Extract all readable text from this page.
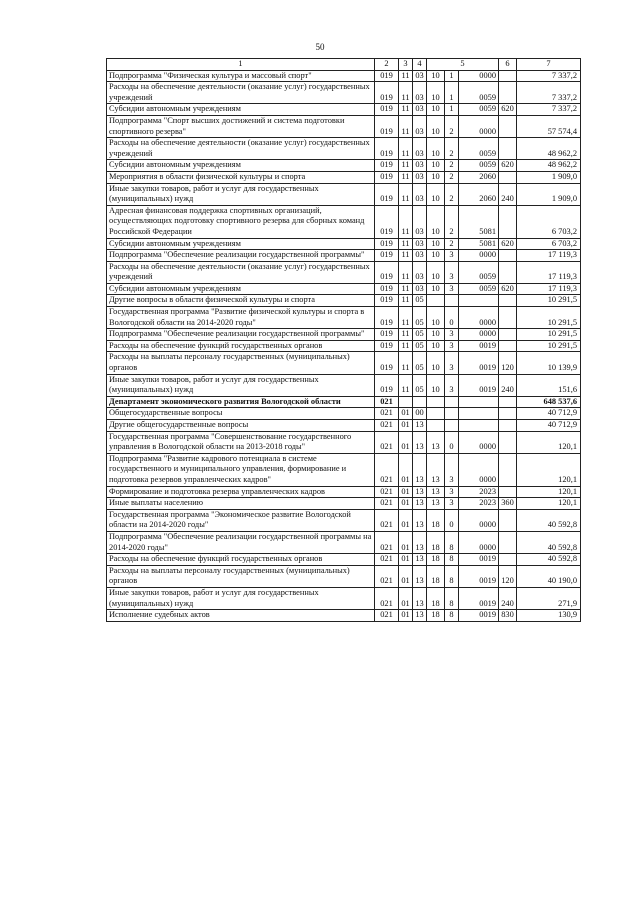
50
1	2	3	4	5			6	7
Подпрограмма "Физическая культура и массовый спорт"	019	11	03	10	1	0000		7 337,2
Расходы на обеспечение деятельности (оказание услуг) государственных учреждений	019	11	03	10	1	0059		7 337,2
Субсидии автономным учреждениям	019	11	03	10	1	0059	620	7 337,2
Подпрограмма "Спорт высших достижений и система подготовки спортивного резерва"	019	11	03	10	2	0000		57 574,4
Расходы на обеспечение деятельности (оказание услуг) государственных учреждений	019	11	03	10	2	0059		48 962,2
Субсидии автономным учреждениям	019	11	03	10	2	0059	620	48 962,2
Мероприятия в области физической культуры и спорта	019	11	03	10	2	2060		1 909,0
Иные закупки товаров, работ и услуг для государственных (муниципальных) нужд	019	11	03	10	2	2060	240	1 909,0
Адресная финансовая поддержка спортивных организаций, осуществляющих подготовку спортивного резерва для сборных команд Российской Федерации	019	11	03	10	2	5081		6 703,2
Субсидии автономным учреждениям	019	11	03	10	2	5081	620	6 703,2
Подпрограмма "Обеспечение реализации государственной программы"	019	11	03	10	3	0000		17 119,3
Расходы на обеспечение деятельности (оказание услуг) государственных учреждений	019	11	03	10	3	0059		17 119,3
Субсидии автономным учреждениям	019	11	03	10	3	0059	620	17 119,3
Другие вопросы в области физической культуры и спорта	019	11	05					10 291,5
Государственная программа "Развитие физической культуры и спорта в Вологодской области на 2014-2020 годы"	019	11	05	10	0	0000		10 291,5
Подпрограмма "Обеспечение реализации государственной программы"	019	11	05	10	3	0000		10 291,5
Расходы на обеспечение функций государственных органов	019	11	05	10	3	0019		10 291,5
Расходы на выплаты персоналу государственных (муниципальных) органов	019	11	05	10	3	0019	120	10 139,9
Иные закупки товаров, работ и услуг для государственных (муниципальных) нужд	019	11	05	10	3	0019	240	151,6
Департамент экономического развития Вологодской области	021							648 537,6
Общегосударственные вопросы	021	01	00					40 712,9
Другие общегосударственные вопросы	021	01	13					40 712,9
Государственная программа "Совершенствование государственного управления в Вологодской области на 2013-2018 годы"	021	01	13	13	0	0000		120,1
Подпрограмма "Развитие кадрового потенциала в системе государственного и муниципального управления, формирование и подготовка резервов управленческих кадров"	021	01	13	13	3	0000		120,1
Формирование и подготовка резерва управленческих кадров	021	01	13	13	3	2023		120,1
Иные выплаты населению	021	01	13	13	3	2023	360	120,1
Государственная программа "Экономическое развитие Вологодской области на 2014-2020 годы"	021	01	13	18	0	0000		40 592,8
Подпрограмма "Обеспечение реализации государственной программы на 2014-2020 годы"	021	01	13	18	8	0000		40 592,8
Расходы на обеспечение функций государственных органов	021	01	13	18	8	0019		40 592,8
Расходы на выплаты персоналу государственных (муниципальных) органов	021	01	13	18	8	0019	120	40 190,0
Иные закупки товаров, работ и услуг для государственных (муниципальных) нужд	021	01	13	18	8	0019	240	271,9
Исполнение судебных актов	021	01	13	18	8	0019	830	130,9
